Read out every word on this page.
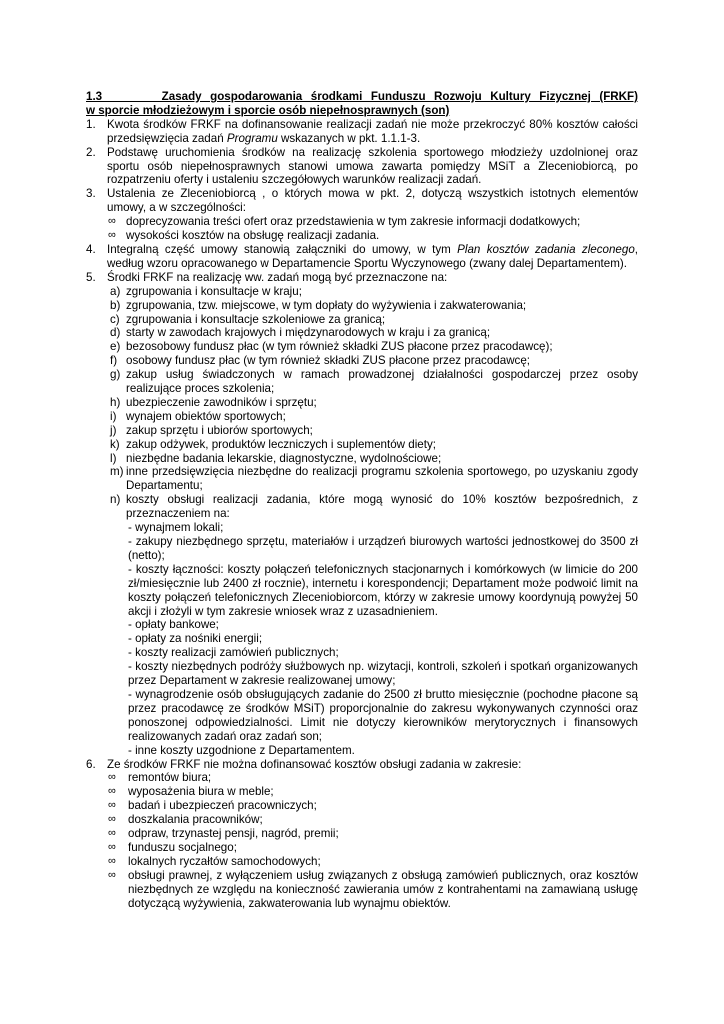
1.3       Zasady gospodarowania środkami Funduszu Rozwoju Kultury Fizycznej (FRKF)
w sporcie młodzieżowym i sporcie osób niepełnosprawnych (son)
1. Kwota środków FRKF na dofinansowanie realizacji zadań nie może przekroczyć 80% kosztów całości przedsięwzięcia zadań Programu wskazanych w pkt. 1.1.1-3.
2. Podstawę uruchomienia środków na realizację szkolenia sportowego młodzieży uzdolnionej oraz sportu osób niepełnosprawnych stanowi umowa zawarta pomiędzy MSiT a Zleceniobiorcą, po rozpatrzeniu oferty i ustaleniu szczegółowych warunków realizacji zadań.
3. Ustalenia ze Zleceniobiorcą , o których mowa w pkt. 2, dotyczą wszystkich istotnych elementów umowy, a w szczególności:
∞ doprecyzowania treści ofert oraz przedstawienia w tym zakresie informacji dodatkowych;
∞ wysokości kosztów na obsługę realizacji zadania.
4. Integralną część umowy stanowią załączniki do umowy, w tym Plan kosztów zadania zleconego, według wzoru opracowanego w Departamencie Sportu Wyczynowego (zwany dalej Departamentem).
5. Środki FRKF na realizację ww. zadań mogą być przeznaczone na:
a) zgrupowania i konsultacje w kraju;
b) zgrupowania, tzw. miejscowe, w tym dopłaty do wyżywienia i zakwaterowania;
c) zgrupowania i konsultacje szkoleniowe za granicą;
d) starty w zawodach krajowych i międzynarodowych w kraju i za granicą;
e) bezosobowy fundusz płac (w tym również składki ZUS płacone przez pracodawcę);
f) osobowy fundusz płac (w tym również składki ZUS płacone przez pracodawcę;
g) zakup usług świadczonych w ramach prowadzonej działalności gospodarczej przez osoby realizujące proces szkolenia;
h) ubezpieczenie zawodników i sprzętu;
i) wynajem obiektów sportowych;
j) zakup sprzętu i ubiorów sportowych;
k) zakup odżywek, produktów leczniczych i suplementów diety;
l) niezbędne badania lekarskie, diagnostyczne, wydolnościowe;
m) inne przedsięwzięcia niezbędne do realizacji programu szkolenia sportowego, po uzyskaniu zgody Departamentu;
n) koszty obsługi realizacji zadania, które mogą wynosić do 10% kosztów bezpośrednich, z przeznaczeniem na:
- wynajmem lokali;
- zakupy niezbędnego sprzętu, materiałów i urządzeń biurowych wartości jednostkowej do 3500 zł (netto);
- koszty łączności: koszty połączeń telefonicznych stacjonarnych i komórkowych (w limicie do 200 zł/miesięcznie lub 2400 zł rocznie), internetu i korespondencji; Departament może podwoić limit na koszty połączeń telefonicznych Zleceniobiorcom, którzy w zakresie umowy koordynują powyżej 50 akcji i złożyli w tym zakresie wniosek wraz z uzasadnieniem.
- opłaty bankowe;
- opłaty za nośniki energii;
- koszty realizacji zamówień publicznych;
- koszty niezbędnych podróży służbowych np. wizytacji, kontroli, szkoleń i spotkań organizowanych przez Departament w zakresie realizowanej umowy;
- wynagrodzenie osób obsługujących zadanie do 2500 zł brutto miesięcznie (pochodne płacone są przez pracodawcę ze środków MSiT) proporcjonalnie do zakresu wykonywanych czynności oraz ponoszonej odpowiedzialności. Limit nie dotyczy kierowników merytorycznych i finansowych realizowanych zadań oraz zadań son;
- inne koszty uzgodnione z Departamentem.
6. Ze środków FRKF nie można dofinansować kosztów obsługi zadania w zakresie:
∞ remontów biura;
∞ wyposażenia biura w meble;
∞ badań i ubezpieczeń pracowniczych;
∞ doszkalania pracowników;
∞ odpraw, trzynastej pensji, nagród, premii;
∞ funduszu socjalnego;
∞ lokalnych ryczałtów samochodowych;
∞ obsługi prawnej, z wyłączeniem usług związanych z obsługą zamówień publicznych, oraz kosztów niezbędnych ze względu na konieczność zawierania umów z kontrahentami na zamawianą usługę dotyczącą wyżywienia, zakwaterowania lub wynajmu obiektów.
